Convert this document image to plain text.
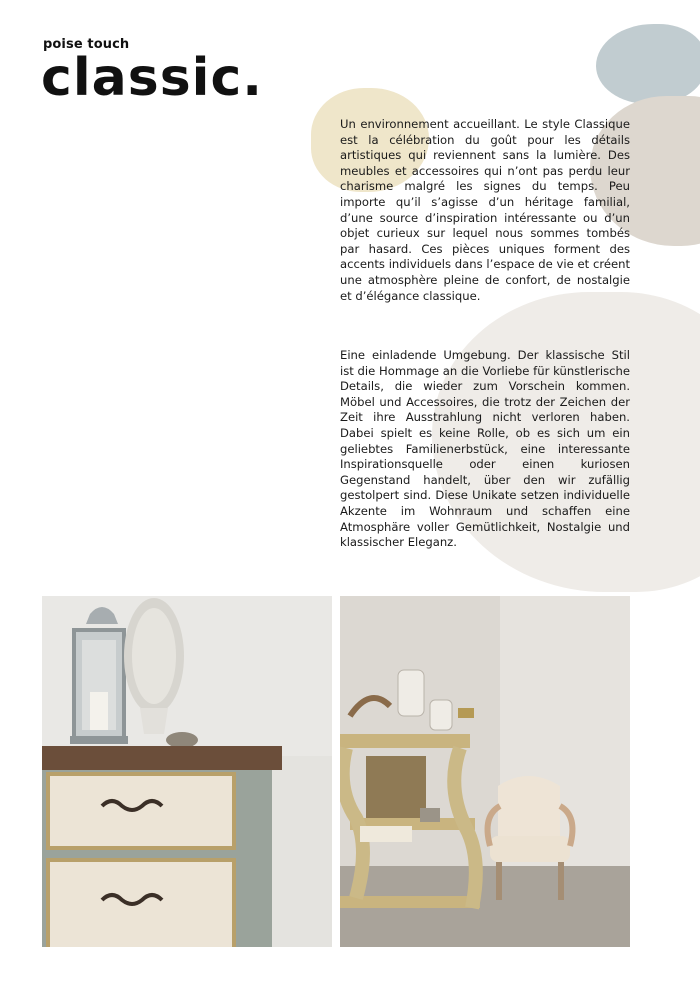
poise touch
classic.
Un environnement accueillant. Le style Classique est la célébration du goût pour les détails artistiques qui reviennent sans la lumière. Des meubles et accessoires qui n’ont pas perdu leur charisme malgré les signes du temps. Peu importe qu’il s’agisse d’un héritage familial, d’une source d’inspiration intéressante ou d’un objet curieux sur lequel nous sommes tombés par hasard. Ces pièces uniques forment des accents individuels dans l’espace de vie et créent une atmosphère pleine de confort, de nostalgie et d’élégance classique.
Eine einladende Umgebung. Der klassische Stil ist die Hommage an die Vorliebe für künstlerische Details, die wieder zum Vorschein kommen. Möbel und Accessoires, die trotz der Zeichen der Zeit ihre Ausstrahlung nicht verloren haben. Dabei spielt es keine Rolle, ob es sich um ein geliebtes Familienerbstück, eine interessante Inspirationsquelle oder einen kuriosen Gegenstand handelt, über den wir zufällig gestolpert sind. Diese Unikate setzen individuelle Akzente im Wohnraum und schaffen eine Atmosphäre voller Gemütlichkeit, Nostalgie und klassischer Eleganz.
